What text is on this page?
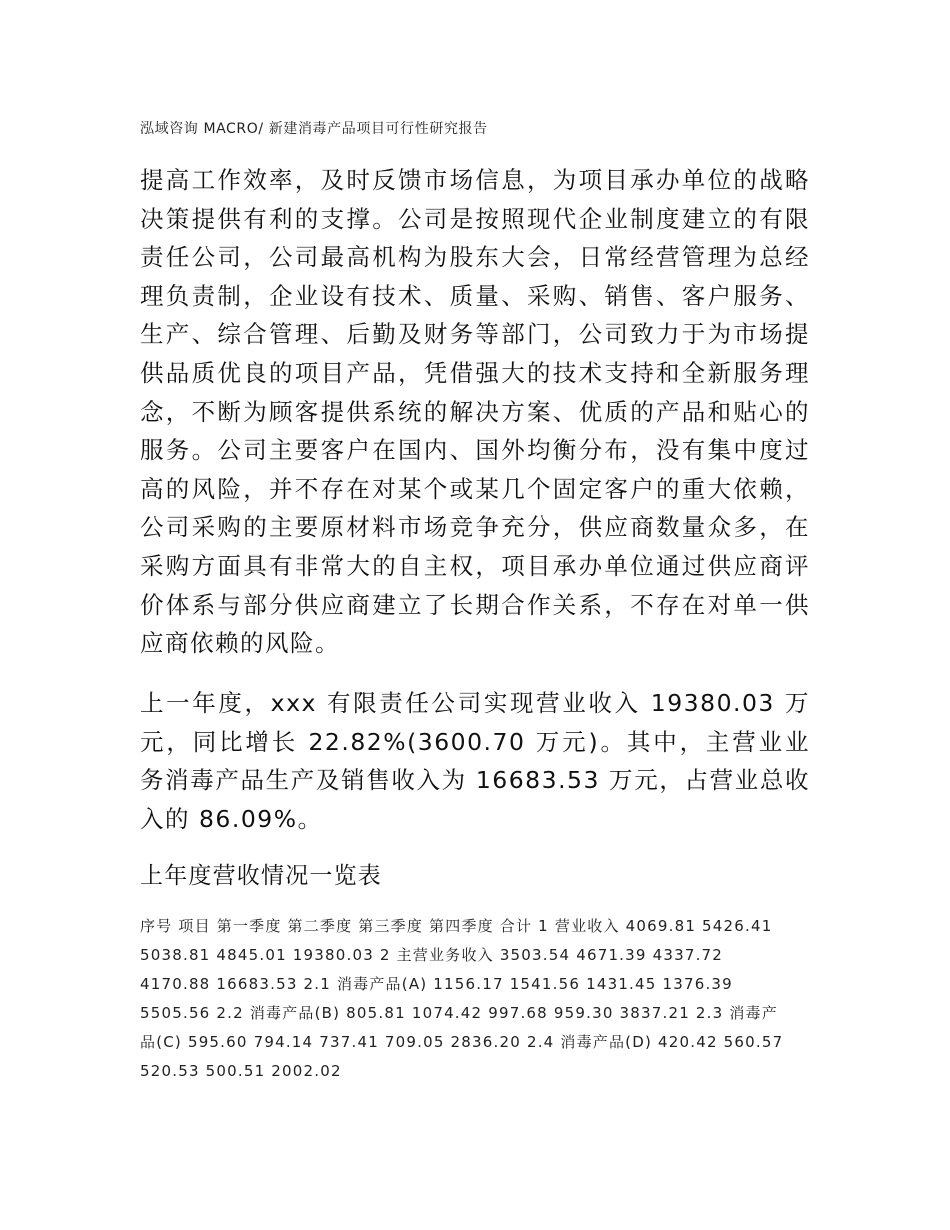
泓域咨询 MACRO/ 新建消毒产品项目可行性研究报告

提高工作效率，及时反馈市场信息，为项目承办单位的战略决策提供有利的支撑。公司是按照现代企业制度建立的有限责任公司，公司最高机构为股东大会，日常经营管理为总经理负责制，企业设有技术、质量、采购、销售、客户服务、生产、综合管理、后勤及财务等部门，公司致力于为市场提供品质优良的项目产品，凭借强大的技术支持和全新服务理念，不断为顾客提供系统的解决方案、优质的产品和贴心的服务。公司主要客户在国内、国外均衡分布，没有集中度过高的风险，并不存在对某个或某几个固定客户的重大依赖，公司采购的主要原材料市场竞争充分，供应商数量众多，在采购方面具有非常大的自主权，项目承办单位通过供应商评价体系与部分供应商建立了长期合作关系，不存在对单一供应商依赖的风险。

上一年度，xxx 有限责任公司实现营业收入 19380.03 万元，同比增长 22.82%(3600.70 万元)。其中，主营业业务消毒产品生产及销售收入为 16683.53 万元，占营业总收入的 86.09%。

上年度营收情况一览表

序号 项目 第一季度 第二季度 第三季度 第四季度 合计 1 营业收入 4069.81 5426.41 5038.81 4845.01 19380.03 2 主营业务收入 3503.54 4671.39 4337.72 4170.88 16683.53 2.1 消毒产品(A) 1156.17 1541.56 1431.45 1376.39 5505.56 2.2 消毒产品(B) 805.81 1074.42 997.68 959.30 3837.21 2.3 消毒产品(C) 595.60 794.14 737.41 709.05 2836.20 2.4 消毒产品(D) 420.42 560.57 520.53 500.51 2002.02
